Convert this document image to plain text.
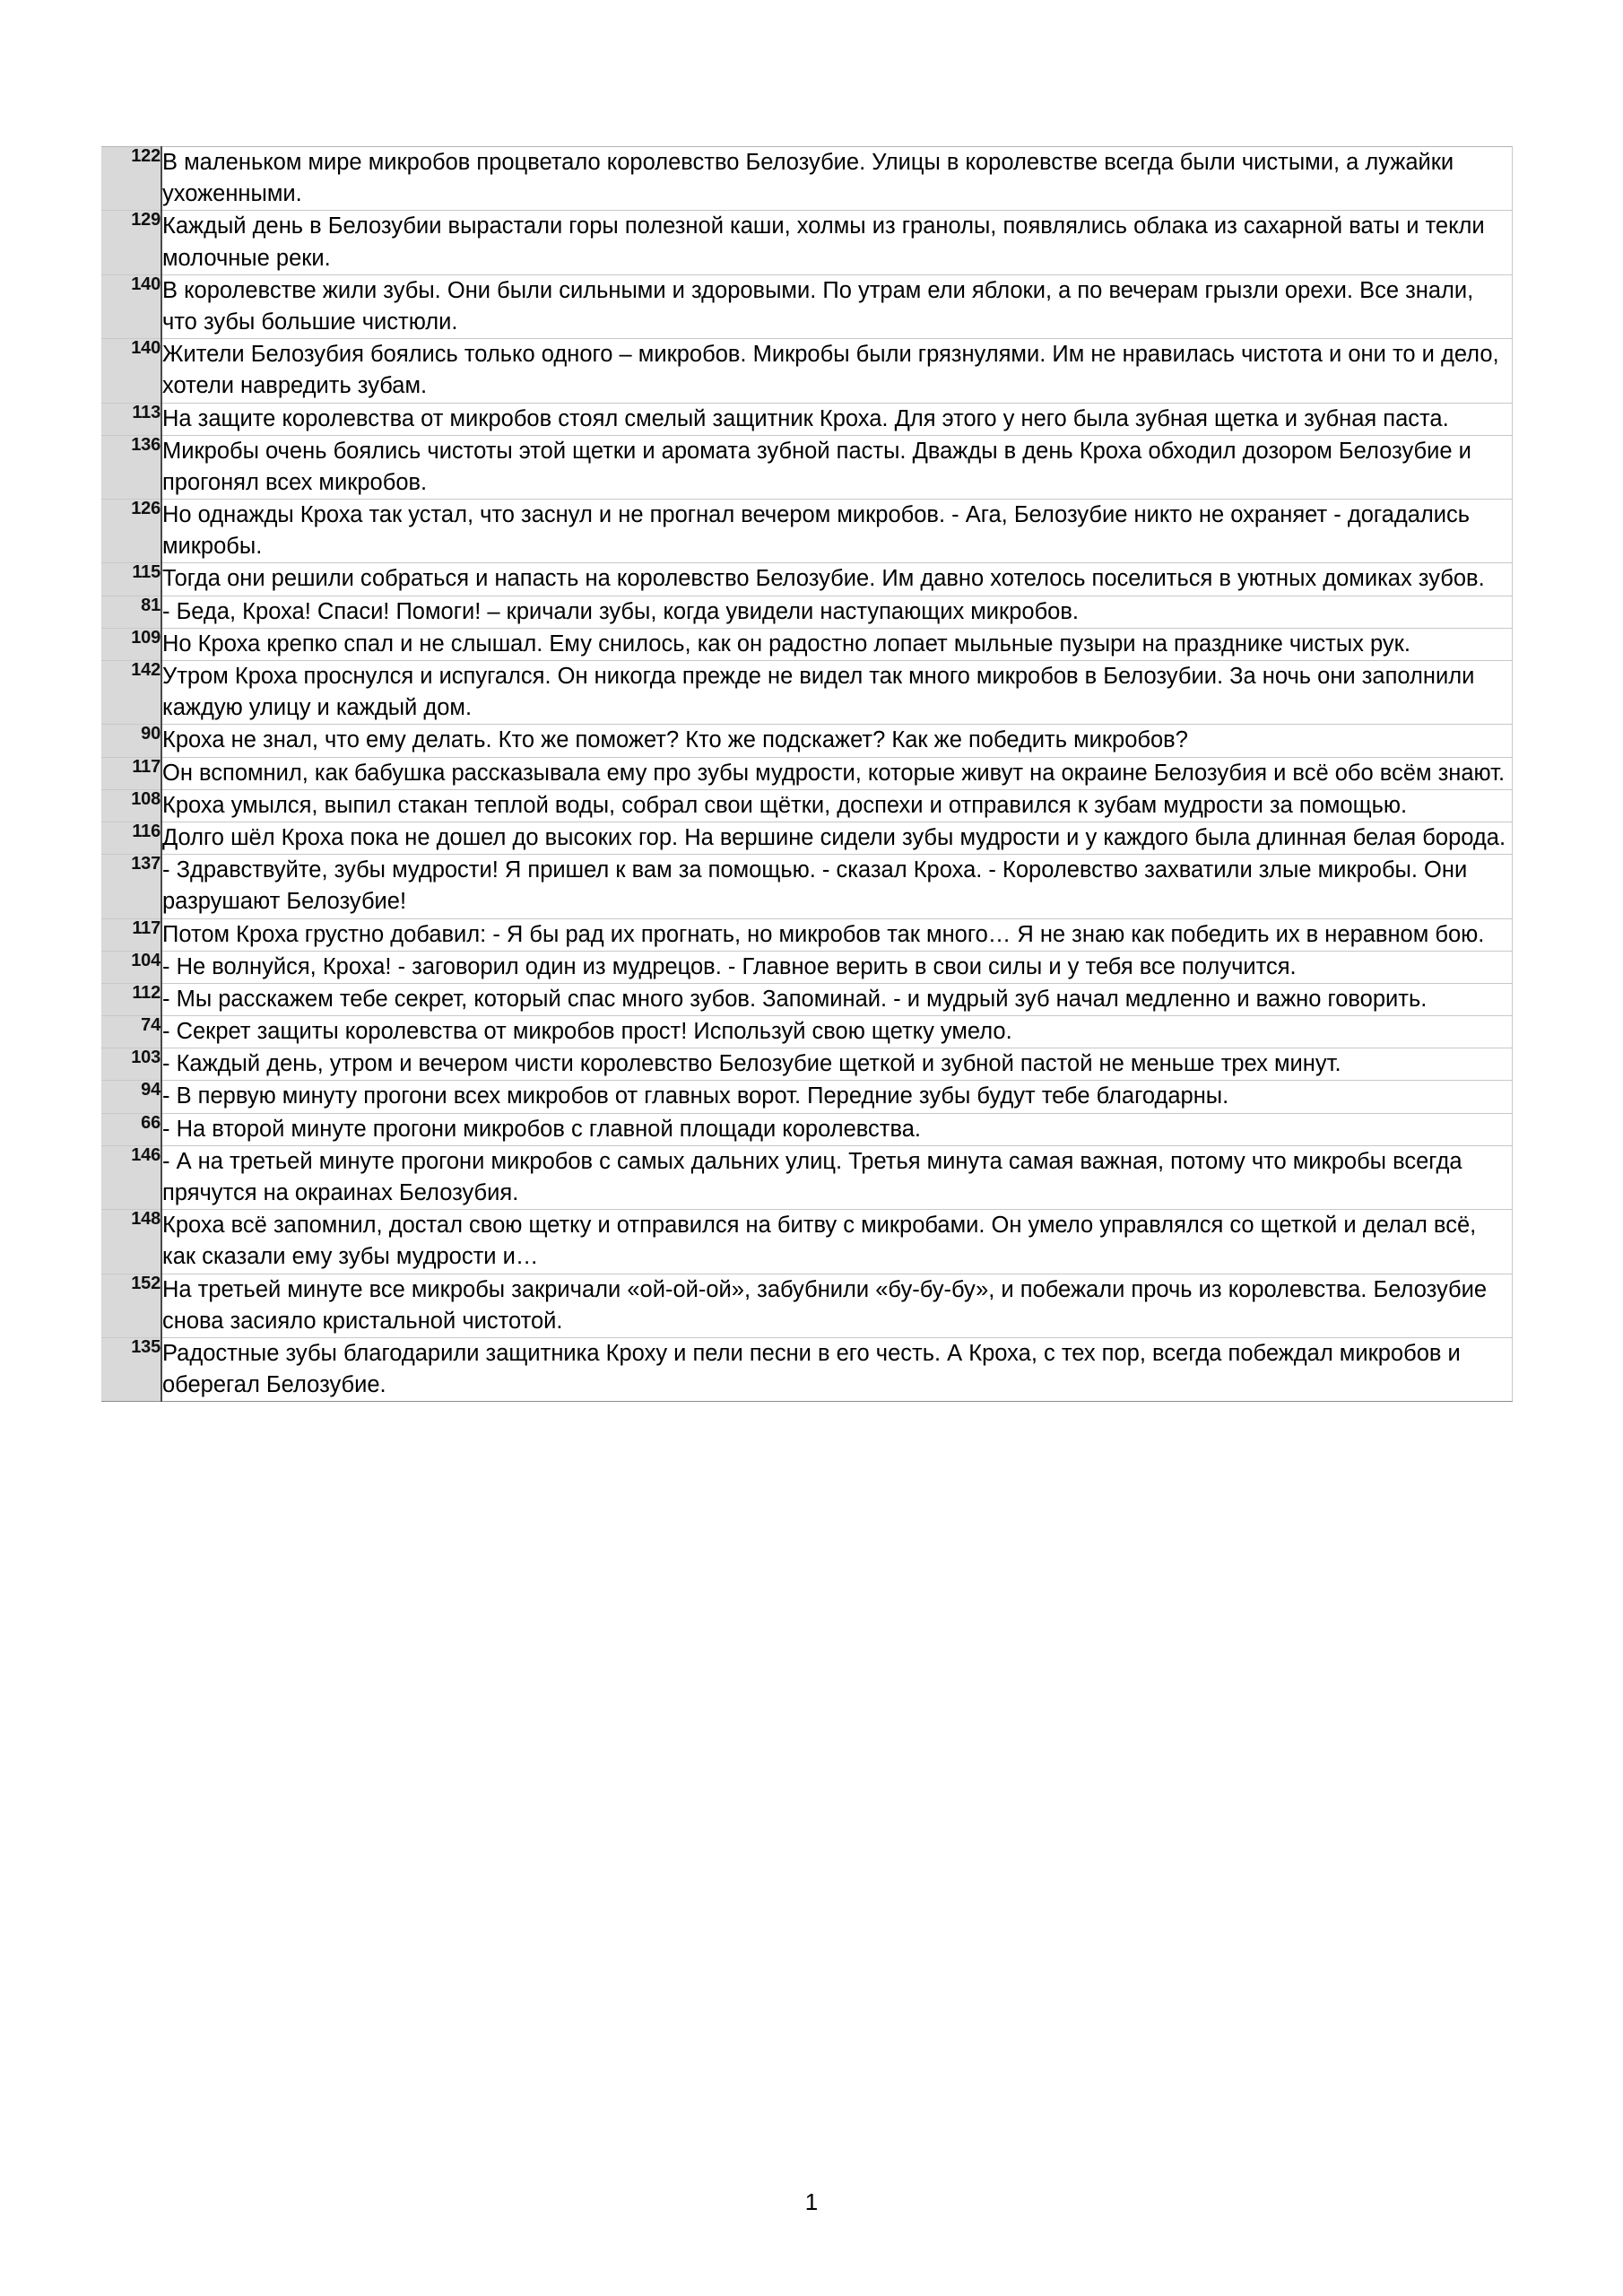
122	В маленьком мире микробов процветало королевство Белозубие. Улицы в королевстве всегда были чистыми, а лужайки ухоженными.
129	Каждый день в Белозубии вырастали горы полезной каши, холмы из гранолы, появлялись облака из сахарной ваты и текли молочные реки.
140	В королевстве жили зубы. Они были сильными и здоровыми. По утрам ели яблоки, а по вечерам грызли орехи. Все знали, что зубы большие чистюли.
140	Жители Белозубия боялись только одного – микробов. Микробы были грязнулями. Им не нравилась чистота и они то и дело, хотели навредить зубам.
113	На защите королевства от микробов стоял смелый защитник Кроха. Для этого у него была зубная щетка и зубная паста.
136	Микробы очень боялись чистоты этой щетки и аромата зубной пасты. Дважды в день Кроха обходил дозором Белозубие и прогонял всех микробов.
126	Но однажды Кроха так устал, что заснул и не прогнал вечером микробов. - Ага, Белозубие никто не охраняет - догадались микробы.
115	Тогда они решили собраться и напасть на королевство Белозубие. Им давно хотелось поселиться в уютных домиках зубов.
81	- Беда, Кроха! Спаси! Помоги! – кричали зубы, когда увидели наступающих микробов.
109	Но Кроха крепко спал и не слышал. Ему снилось, как он радостно лопает мыльные пузыри на празднике чистых рук.
142	Утром Кроха проснулся и испугался. Он никогда прежде не видел так много микробов в Белозубии. За ночь они заполнили каждую улицу и каждый дом.
90	Кроха не знал, что ему делать. Кто же поможет? Кто же подскажет? Как же победить микробов?
117	Он вспомнил, как бабушка рассказывала ему про зубы мудрости, которые живут на окраине Белозубия и всё обо всём знают.
108	Кроха умылся, выпил стакан теплой воды, собрал свои щётки, доспехи и отправился к зубам мудрости за помощью.
116	Долго шёл Кроха пока не дошел до высоких гор. На вершине сидели зубы мудрости и у каждого была длинная белая борода.
137	- Здравствуйте, зубы мудрости! Я пришел к вам за помощью. - сказал Кроха. - Королевство захватили злые микробы. Они разрушают Белозубие!
117	Потом Кроха грустно добавил: - Я бы рад их прогнать, но микробов так много… Я не знаю как победить их в неравном бою.
104	- Не волнуйся, Кроха! - заговорил один из мудрецов. - Главное верить в свои силы и у тебя все получится.
112	- Мы расскажем тебе секрет, который спас много зубов. Запоминай. - и мудрый зуб начал медленно и важно говорить.
74	- Секрет защиты королевства от микробов прост! Используй свою щетку умело.
103	- Каждый день, утром и вечером чисти королевство Белозубие щеткой и зубной пастой не меньше трех минут.
94	- В первую минуту прогони всех микробов от главных ворот. Передние зубы будут тебе благодарны.
66	- На второй минуте прогони микробов с главной площади королевства.
146	- А на третьей минуте прогони микробов с самых дальних улиц. Третья минута самая важная, потому что микробы всегда прячутся на окраинах Белозубия.
148	Кроха всё запомнил, достал свою щетку и отправился на битву с микробами. Он умело управлялся со щеткой и делал всё, как сказали ему зубы мудрости и…
152	На третьей минуте все микробы закричали «ой-ой-ой», забубнили «бу-бу-бу», и побежали прочь из королевства. Белозубие снова засияло кристальной чистотой.
135	Радостные зубы благодарили защитника Кроху и пели песни в его честь. А Кроха, с тех пор, всегда побеждал микробов и оберегал Белозубие.
1
